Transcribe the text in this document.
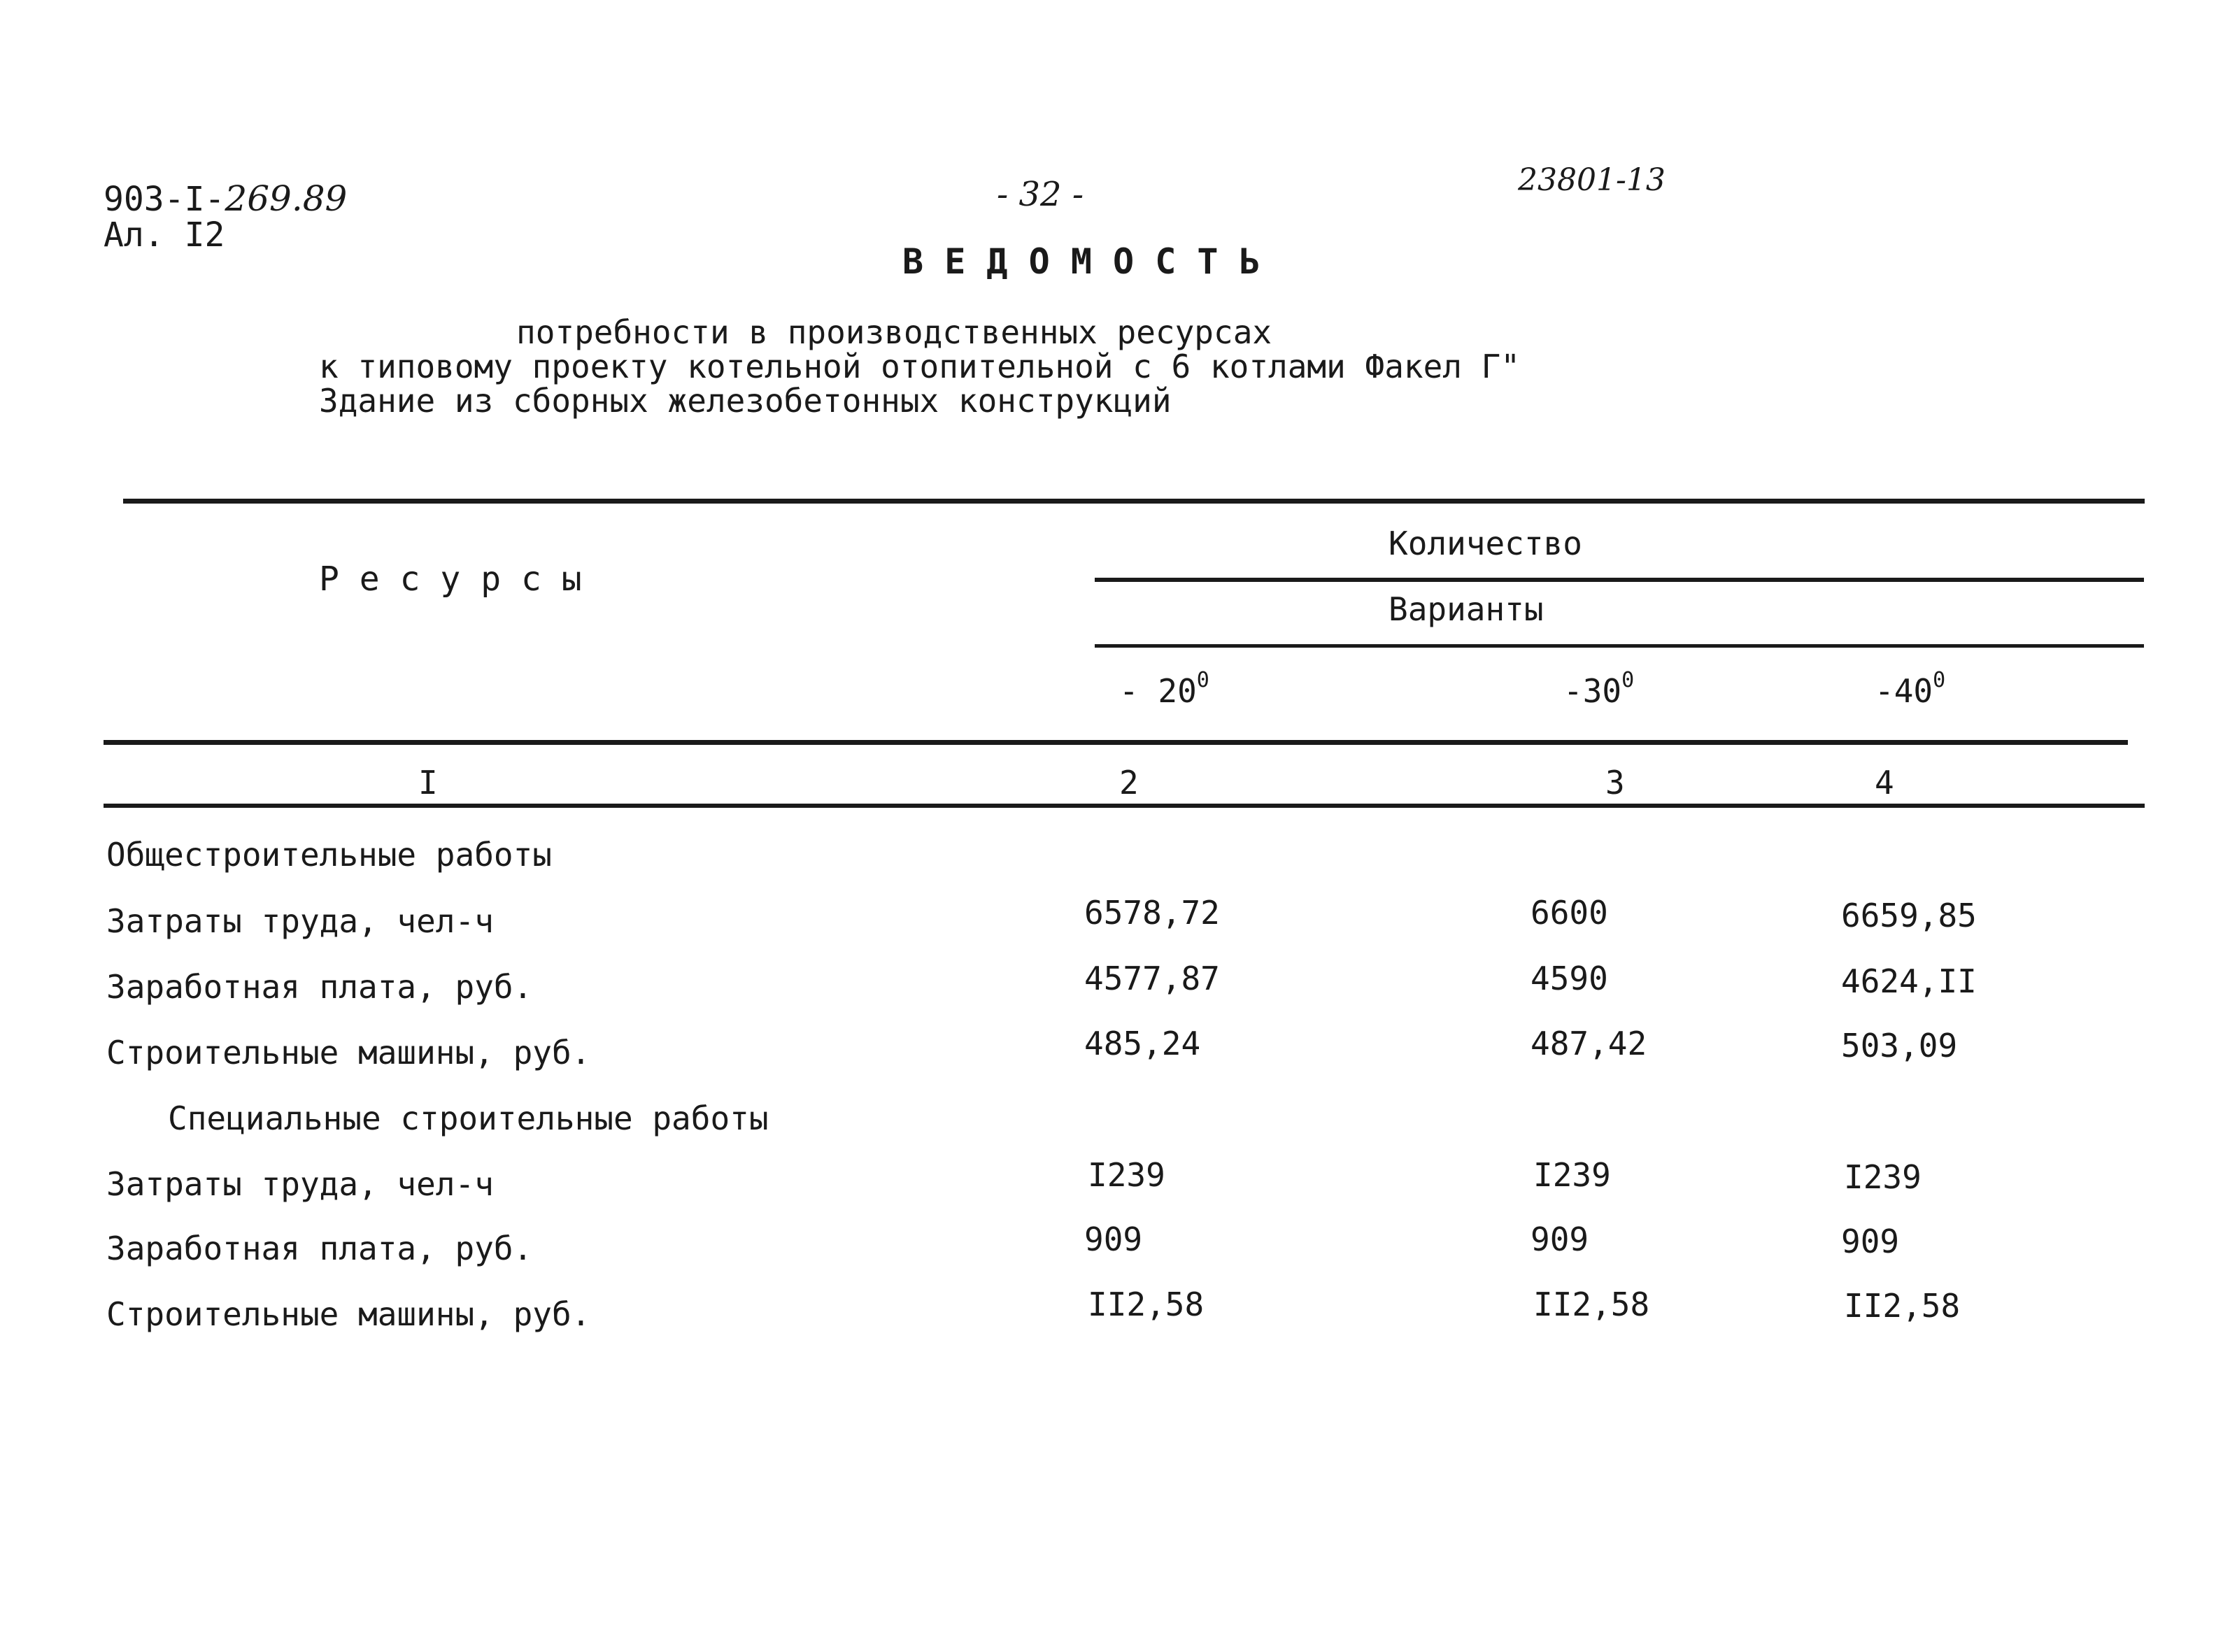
903-I-269.89
Ал. I2
- 32 -	23801-13
В Е Д О М О С Т Ь
потребности в производственных ресурсах
к типовому проекту котельной отопительной с 6 котлами Факел Г"
Здание из сборных железобетонных конструкций
Р е с у р с ы
Количество
Варианты
- $20^0$	$-30^0$	$-40^0$
I	2	3	4
Общестроительные работы
Затраты труда, чел-ч	6578,72	6600	6659,85
Заработная плата, руб.	4577,87	4590	4624,II
Строительные машины, руб.	485,24	487,42	503,09
Специальные строительные работы
Затраты труда, чел-ч	I239	I239	I239
Заработная плата, руб.	909	909	909
Строительные машины, руб.	II2,58	II2,58	II2,58
